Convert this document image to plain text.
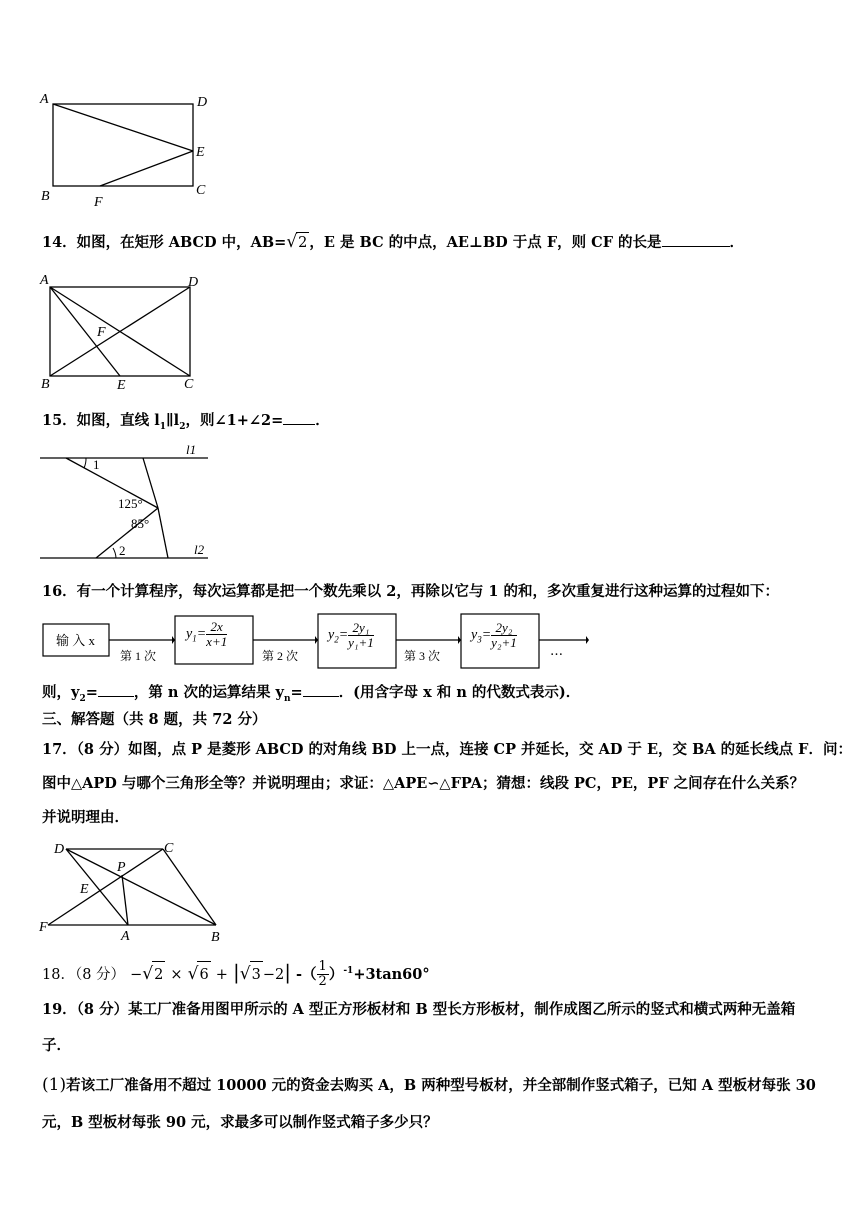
A	D
E
B	C
F
14．如图，在矩形 ABCD 中，AB=√2 ，E 是 BC 的中点，AE⊥BD 于点 F，则 CF 的长是	．
A	D
F
B	E	C
15．如图，直线 $l_1\parallel l_2$，则∠1+∠2= ．
l1
l2
1
125°
85°
2
16．有一个计算程序，每次运算都是把一个数先乘以 2，再除以它与 1 的和，多次重复进行这种运算的过程如下：
输 入 x
第 1 次	第 2 次	第 3 次
$y_1= \frac{2x}{x+1}$	$y_2= \frac{\text{2y₁}}{\text{y₁+1}}$	$y_3= \frac{\text{2y₂}}{\text{y₂+1}}$
…
则，$y_2=$ ，第 n 次的运算结果 $y_n=$ ．(用含字母 x 和 n 的代数式表示)．
三、解答题（共 8 题，共 72 分）
17．（8 分）如图，点 P 是菱形 ABCD 的对角线 BD 上一点，连接 CP 并延长，交 AD 于 E，交 BA 的延长线点 F．问：
图中△APD 与哪个三角形全等？并说明理由；求证：△APE∽△FPA；猜想：线段 PC，PE，PF 之间存在什么关系？
并说明理由．
D	C
P
E
F
A	B
18．（8 分） −√2 × √6 + |√3 −2| -（ $\frac{1}{2} )^{-1}+3\tan 60^\circ$
19．（8 分）某工厂准备用图甲所示的 A 型正方形板材和 B 型长方形板材，制作成图乙所示的竖式和横式两种无盖箱
子．
(1)若该工厂准备用不超过 10000 元的资金去购买 A，B 两种型号板材，并全部制作竖式箱子，已知 A 型板材每张 30
元，B 型板材每张 90 元，求最多可以制作竖式箱子多少只？
